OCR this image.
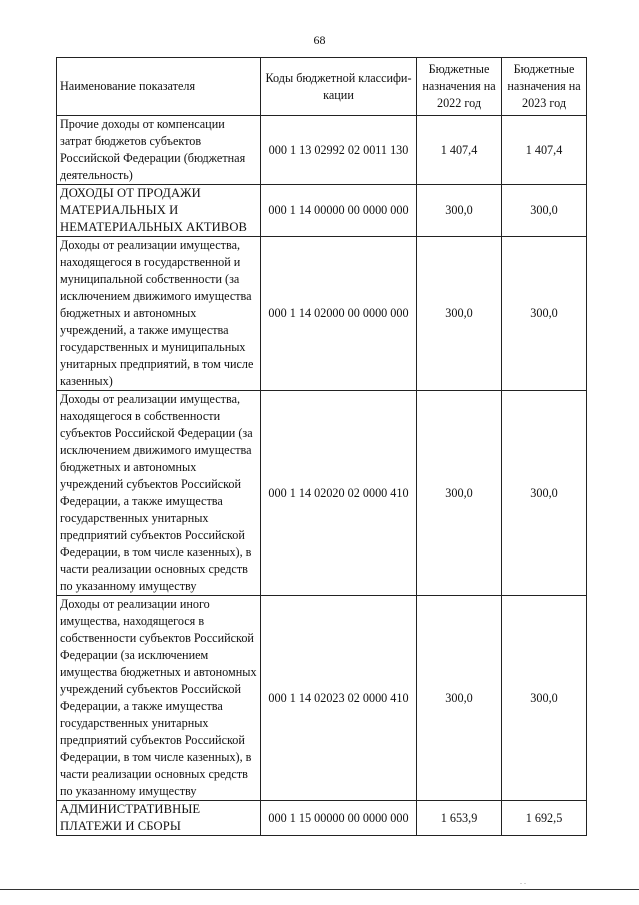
68
Наименование показателя	Коды бюджетной классифи-кации	Бюджетные назначения на 2022 год	Бюджетные назначения на 2023 год
Прочие доходы от компенсации затрат бюджетов субъектов Российской Федерации (бюджетная деятельность)	000 1 13 02992 02 0011 130	1 407,4	1 407,4
ДОХОДЫ ОТ ПРОДАЖИ МАТЕРИАЛЬНЫХ И НЕМАТЕРИАЛЬНЫХ АКТИВОВ	000 1 14 00000 00 0000 000	300,0	300,0
Доходы от реализации имущества, находящегося в государственной и муниципальной собственности (за исключением движимого имущества бюджетных и автономных учреждений, а также имущества государственных и муниципальных унитарных предприятий, в том числе казенных)	000 1 14 02000 00 0000 000	300,0	300,0
Доходы от реализации имущества, находящегося в собственности субъектов Российской Федерации (за исключением движимого имущества бюджетных и автономных учреждений субъектов Российской Федерации, а также имущества государственных унитарных предприятий субъектов Российской Федерации, в том числе казенных), в части реализации основных средств по указанному имуществу	000 1 14 02020 02 0000 410	300,0	300,0
Доходы от реализации иного имущества, находящегося в собственности субъектов Российской Федерации (за исключением имущества бюджетных и автономных учреждений субъектов Российской Федерации, а также имущества государственных унитарных предприятий субъектов Российской Федерации, в том числе казенных), в части реализации основных средств по указанному имуществу	000 1 14 02023 02 0000 410	300,0	300,0
АДМИНИСТРАТИВНЫЕ ПЛАТЕЖИ И СБОРЫ	000 1 15 00000 00 0000 000	1 653,9	1 692,5
. .
